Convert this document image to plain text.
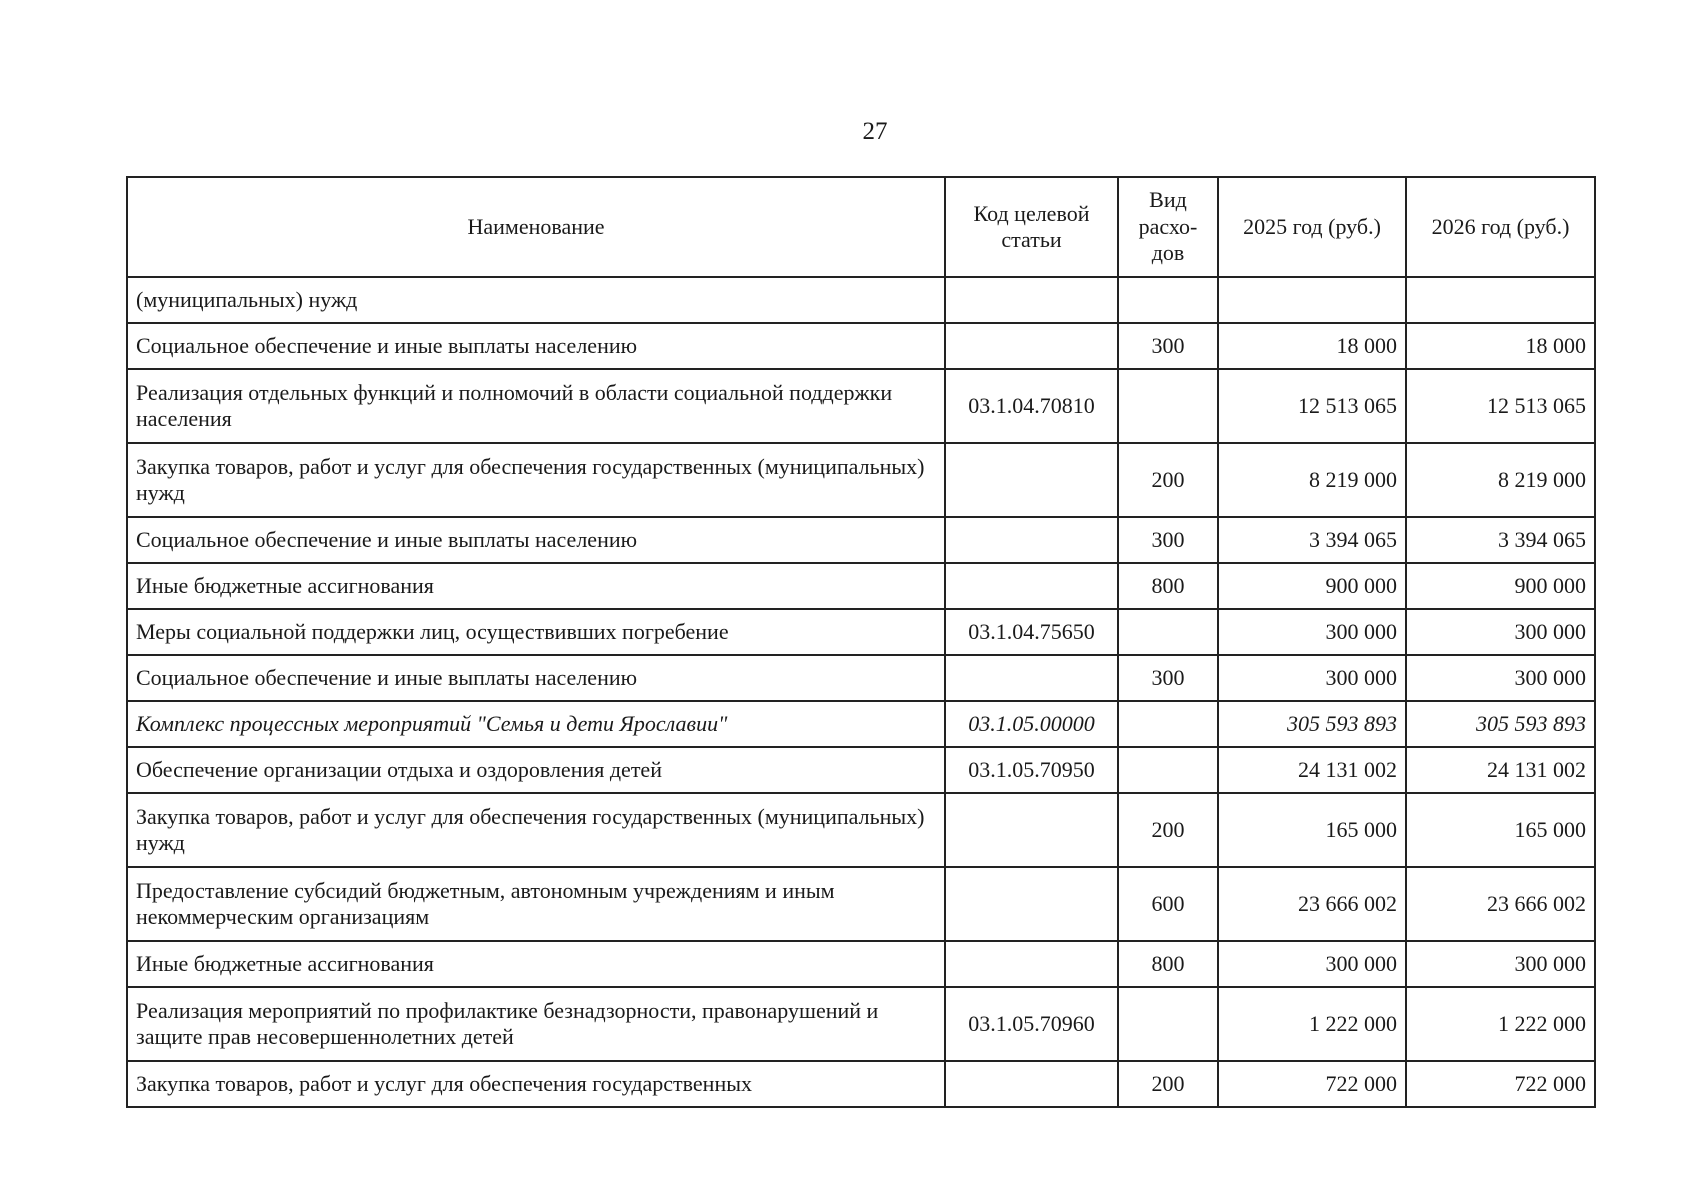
27
Наименование	Код целевой статьи	Вид расхо-дов	2025 год (руб.)	2026 год (руб.)
(муниципальных) нужд				
Социальное обеспечение и иные выплаты населению		300	18 000	18 000
Реализация отдельных функций и полномочий в области социальной поддержки населения	03.1.04.70810		12 513 065	12 513 065
Закупка товаров, работ и услуг для обеспечения государственных (муниципальных) нужд		200	8 219 000	8 219 000
Социальное обеспечение и иные выплаты населению		300	3 394 065	3 394 065
Иные бюджетные ассигнования		800	900 000	900 000
Меры социальной поддержки лиц, осуществивших погребение	03.1.04.75650		300 000	300 000
Социальное обеспечение и иные выплаты населению		300	300 000	300 000
Комплекс процессных мероприятий "Семья и дети Ярославии"	03.1.05.00000		305 593 893	305 593 893
Обеспечение организации отдыха и оздоровления детей	03.1.05.70950		24 131 002	24 131 002
Закупка товаров, работ и услуг для обеспечения государственных (муниципальных) нужд		200	165 000	165 000
Предоставление субсидий бюджетным, автономным учреждениям и иным некоммерческим организациям		600	23 666 002	23 666 002
Иные бюджетные ассигнования		800	300 000	300 000
Реализация мероприятий по профилактике безнадзорности, правонарушений и защите прав несовершеннолетних детей	03.1.05.70960		1 222 000	1 222 000
Закупка товаров, работ и услуг для обеспечения государственных		200	722 000	722 000
